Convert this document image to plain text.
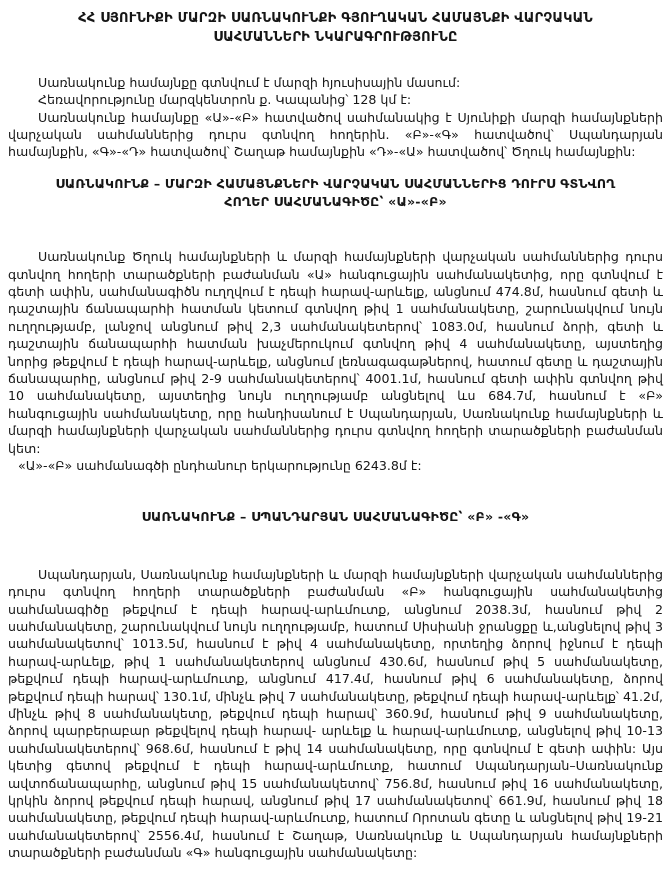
ՀՀ ՍՅՈՒՆԻՔԻ ՄԱՐԶԻ ՍԱՌՆԱԿՈՒՆՔԻ ԳՅՈՒՂԱԿԱՆ ՀԱՄԱՅՆՔԻ ՎԱՐՉԱԿԱՆ ՍԱՀՄԱՆՆԵՐԻ ՆԿԱՐԱԳՐՈՒԹՅՈՒՆԸ

Սառնակունք համայնքը գտնվում է մարզի հյուսիսային մասում:

Հեռավորությունը մարզկենտրոն ք. Կապանից՝ 128 կմ է:

Սառնակունք համայնքը «Ա»-«Բ» հատվածով սահմանակից է Սյունիքի մարզի համայնքների վարչական սահմաններից դուրս գտնվող հողերին. «Բ»-«Գ» հատվածով՝ Սպանդարյան համայնքին, «Գ»-«Դ» հատվածով՝ Շաղաթ համայնքին «Դ»-«Ա» հատվածով՝ Ծղուկ համայնքին:

ՍԱՌՆԱԿՈՒՆՔ – ՄԱՐԶԻ ՀԱՄԱՅՆՔՆԵՐԻ ՎԱՐՉԱԿԱՆ ՍԱՀՄԱՆՆԵՐԻՑ ԴՈՒՐՍ ԳՏՆՎՈՂ ՀՈՂԵՐ ՍԱՀՄԱՆԱԳԻԾԸ՝ «Ա»-«Բ»

Սառնակունք Ծղուկ համայնքների և մարզի համայնքների վարչական սահմաններից դուրս գտնվող հողերի տարածքների բաժանման «Ա» հանգուցային սահմանակետից, որը գտնվում է գետի ափին, սահմանագիծն ուղղվում է դեպի հարավ-արևելք, անցնում 474.8մ, հասնում գետի և դաշտային ճանապարհի հատման կետում գտնվող թիվ 1 սահմանակետը, շարունակվում նույն ուղղությամբ, լանջով անցնում թիվ 2,3 սահմանակետերով՝ 1083.0մ, հասնում ձորի, գետի և դաշտային ճանապարհի հատման խաչմերուկում գտնվող թիվ 4 սահմանակետը, այստեղից նորից թեքվում է դեպի հարավ-արևելք, անցնում լեռնագագաթներով, հատում գետը և դաշտային ճանապարհը, անցնում թիվ 2-9 սահմանակետերով՝ 4001.1մ, հասնում գետի ափին գտնվող թիվ 10 սահմանակետը, այստեղից նույն ուղղությամբ անցնելով ևս 684.7մ, հասնում է «Բ» հանգուցային սահմանակետը, որը հանդիսանում է Սպանդարյան, Սառնակունք համայնքների և մարզի համայնքների վարչական սահմաններից դուրս գտնվող հողերի տարածքների բաժանման կետ:

«Ա»-«Բ» սահմանագծի ընդհանուր երկարությունը 6243.8մ է:

ՍԱՌՆԱԿՈՒՆՔ – ՍՊԱՆԴԱՐՅԱՆ ՍԱՀՄԱՆԱԳԻԾԸ՝ «Բ» -«Գ»

Սպանդարյան, Սառնակունք համայնքների և մարզի համայնքների վարչական սահմաններից դուրս գտնվող հողերի տարածքների բաժանման «Բ» հանգուցային սահմանակետից սահմանագիծը թեքվում է դեպի հարավ-արևմուտք, անցնում 2038.3մ, հասնում թիվ 2 սահմանակետը, շարունակվում նույն ուղղությամբ, հատում Սիսիանի ջրանցքը և,անցնելով թիվ 3 սահմանակետով՝ 1013.5մ, հասնում է թիվ 4 սահմանակետը, որտեղից ձորով իջնում է դեպի հարավ-արևելք, թիվ 1 սահմանակետերով անցնում 430.6մ, հասնում թիվ 5 սահմանակետը, թեքվում դեպի հարավ-արևմուտք, անցնում 417.4մ, հասնում թիվ 6 սահմանակետը, ձորով թեքվում դեպի հարավ՝ 130.1մ, մինչև թիվ 7 սահմանակետը, թեքվում դեպի հարավ-արևելք՝ 41.2մ, մինչև թիվ 8 սահմանակետը, թեքվում դեպի հարավ՝ 360.9մ, հասնում թիվ 9 սահմանակետը, ձորով պարբերաբար թեքվելով դեպի հարավ- արևելք և հարավ-արևմուտք, անցնելով թիվ 10-13 սահմանակետերով՝ 968.6մ, հասնում է թիվ 14 սահմանակետը, որը գտնվում է գետի ափին: Այս կետից գետով թեքվում է դեպի հարավ-արևմուտք, հատում Սպանդարյան–Սառնակունք ավտոճանապարհը, անցնում թիվ 15 սահմանակետով՝ 756.8մ, հասնում թիվ 16 սահմանակետը, կրկին ձորով թեքվում դեպի հարավ, անցնում թիվ 17 սահմանակետով՝ 661.9մ, հասնում թիվ 18 սահմանակետը, թեքվում դեպի հարավ-արևմուտք, հատում Որոտան գետը և անցնելով թիվ 19-21 սահմանակետերով՝ 2556.4մ, հասնում է Շաղաթ, Սառնակունք և Սպանդարյան համայնքների տարածքների բաժանման «Գ» հանգուցային սահմանակետը:
